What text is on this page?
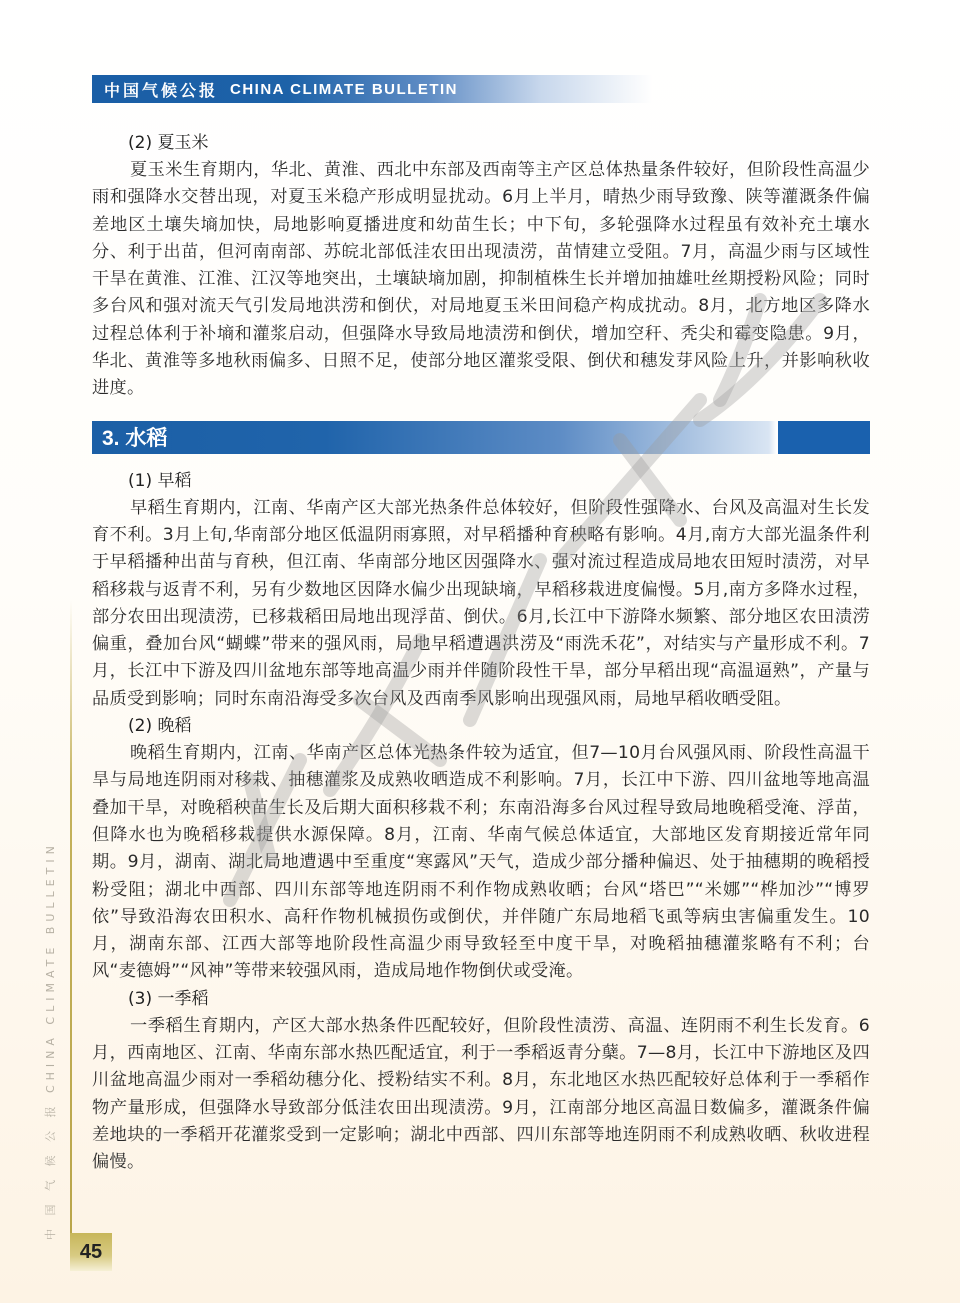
中国气候公报 CHINA CLIMATE BULLETIN
(2) 夏玉米

夏玉米生育期内，华北、黄淮、西北中东部及西南等主产区总体热量条件较好，但阶段性高温少雨和强降水交替出现，对夏玉米稳产形成明显扰动。6月上半月，晴热少雨导致豫、陕等灌溉条件偏差地区土壤失墒加快，局地影响夏播进度和幼苗生长；中下旬，多轮强降水过程虽有效补充土壤水分、利于出苗，但河南南部、苏皖北部低洼农田出现渍涝，苗情建立受阻。7月，高温少雨与区域性干旱在黄淮、江淮、江汉等地突出，土壤缺墒加剧，抑制植株生长并增加抽雄吐丝期授粉风险；同时多台风和强对流天气引发局地洪涝和倒伏，对局地夏玉米田间稳产构成扰动。8月，北方地区多降水过程总体利于补墒和灌浆启动，但强降水导致局地渍涝和倒伏，增加空秆、秃尖和霉变隐患。9月，华北、黄淮等多地秋雨偏多、日照不足，使部分地区灌浆受限、倒伏和穗发芽风险上升，并影响秋收进度。

3. 水稻
(1) 早稻

早稻生育期内，江南、华南产区大部光热条件总体较好，但阶段性强降水、台风及高温对生长发育不利。3月上旬,华南部分地区低温阴雨寡照，对早稻播种育秧略有影响。4月,南方大部光温条件利于早稻播种出苗与育秧，但江南、华南部分地区因强降水、强对流过程造成局地农田短时渍涝，对早稻移栽与返青不利，另有少数地区因降水偏少出现缺墒，早稻移栽进度偏慢。5月,南方多降水过程，部分农田出现渍涝，已移栽稻田局地出现浮苗、倒伏。6月,长江中下游降水频繁、部分地区农田渍涝偏重，叠加台风“蝴蝶”带来的强风雨，局地早稻遭遇洪涝及“雨洗禾花”，对结实与产量形成不利。7月，长江中下游及四川盆地东部等地高温少雨并伴随阶段性干旱，部分早稻出现“高温逼熟”，产量与品质受到影响；同时东南沿海受多次台风及西南季风影响出现强风雨，局地早稻收晒受阻。

(2) 晚稻

晚稻生育期内，江南、华南产区总体光热条件较为适宜，但7—10月台风强风雨、阶段性高温干旱与局地连阴雨对移栽、抽穗灌浆及成熟收晒造成不利影响。7月，长江中下游、四川盆地等地高温叠加干旱，对晚稻秧苗生长及后期大面积移栽不利；东南沿海多台风过程导致局地晚稻受淹、浮苗，但降水也为晚稻移栽提供水源保障。8月，江南、华南气候总体适宜，大部地区发育期接近常年同期。9月，湖南、湖北局地遭遇中至重度“寒露风”天气，造成少部分播种偏迟、处于抽穗期的晚稻授粉受阻；湖北中西部、四川东部等地连阴雨不利作物成熟收晒；台风“塔巴”“米娜”“桦加沙”“博罗依”导致沿海农田积水、高秆作物机械损伤或倒伏，并伴随广东局地稻飞虱等病虫害偏重发生。10月，湖南东部、江西大部等地阶段性高温少雨导致轻至中度干旱，对晚稻抽穗灌浆略有不利；台风“麦德姆”“风神”等带来较强风雨，造成局地作物倒伏或受淹。

(3) 一季稻

一季稻生育期内，产区大部水热条件匹配较好，但阶段性渍涝、高温、连阴雨不利生长发育。6月，西南地区、江南、华南东部水热匹配适宜，利于一季稻返青分蘖。7—8月，长江中下游地区及四川盆地高温少雨对一季稻幼穗分化、授粉结实不利。8月，东北地区水热匹配较好总体利于一季稻作物产量形成，但强降水导致部分低洼农田出现渍涝。9月，江南部分地区高温日数偏多，灌溉条件偏差地块的一季稻开花灌浆受到一定影响；湖北中西部、四川东部等地连阴雨不利成熟收晒、秋收进程偏慢。

中 国 气 候 公 报 CHINA CLIMATE BULLETIN
45
